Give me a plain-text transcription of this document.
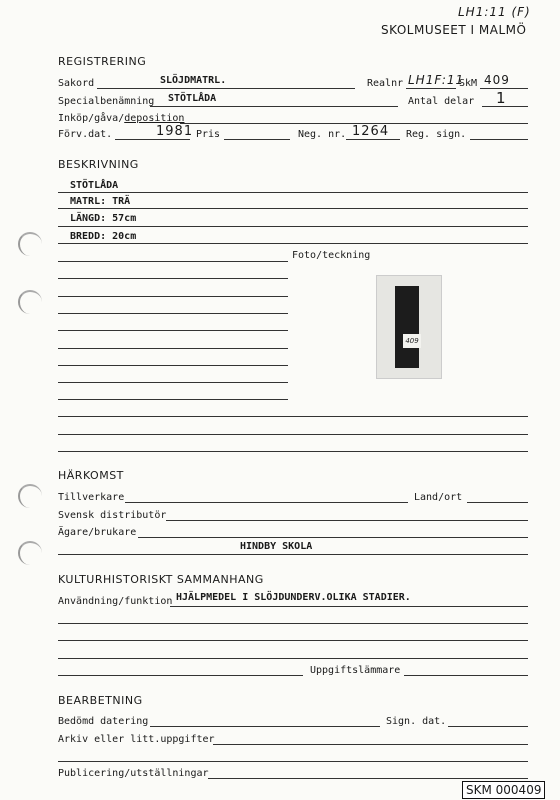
LH1:11 (F)
SKOLMUSEET I MALMÖ
REGISTRERING
Sakord	SLÖJDMATRL.	Realnr LH1F:11
SkM 409
Specialbenämning STÖTLÅDA	Antal delar 1
Inköp/gåva/deposition
Förv.dat.	1981 Pris	Neg. nr. 1264 Reg. sign.
BESKRIVNING
STÖTLÅDA
MATRL: TRÄ
LÄNGD: 57cm
BREDD: 20cm
Foto/teckning
409
HÄRKOMST
Tillverkare	Land/ort
Svensk distributör
Ägare/brukare
HINDBY SKOLA
KULTURHISTORISKT SAMMANHANG
Användning/funktion HJÄLPMEDEL I SLÖJDUNDERV.OLIKA STADIER.
Uppgiftslämmare
BEARBETNING
Bedömd datering	Sign. dat.
Arkiv eller litt.uppgifter
Publicering/utställningar
SKM 000409
